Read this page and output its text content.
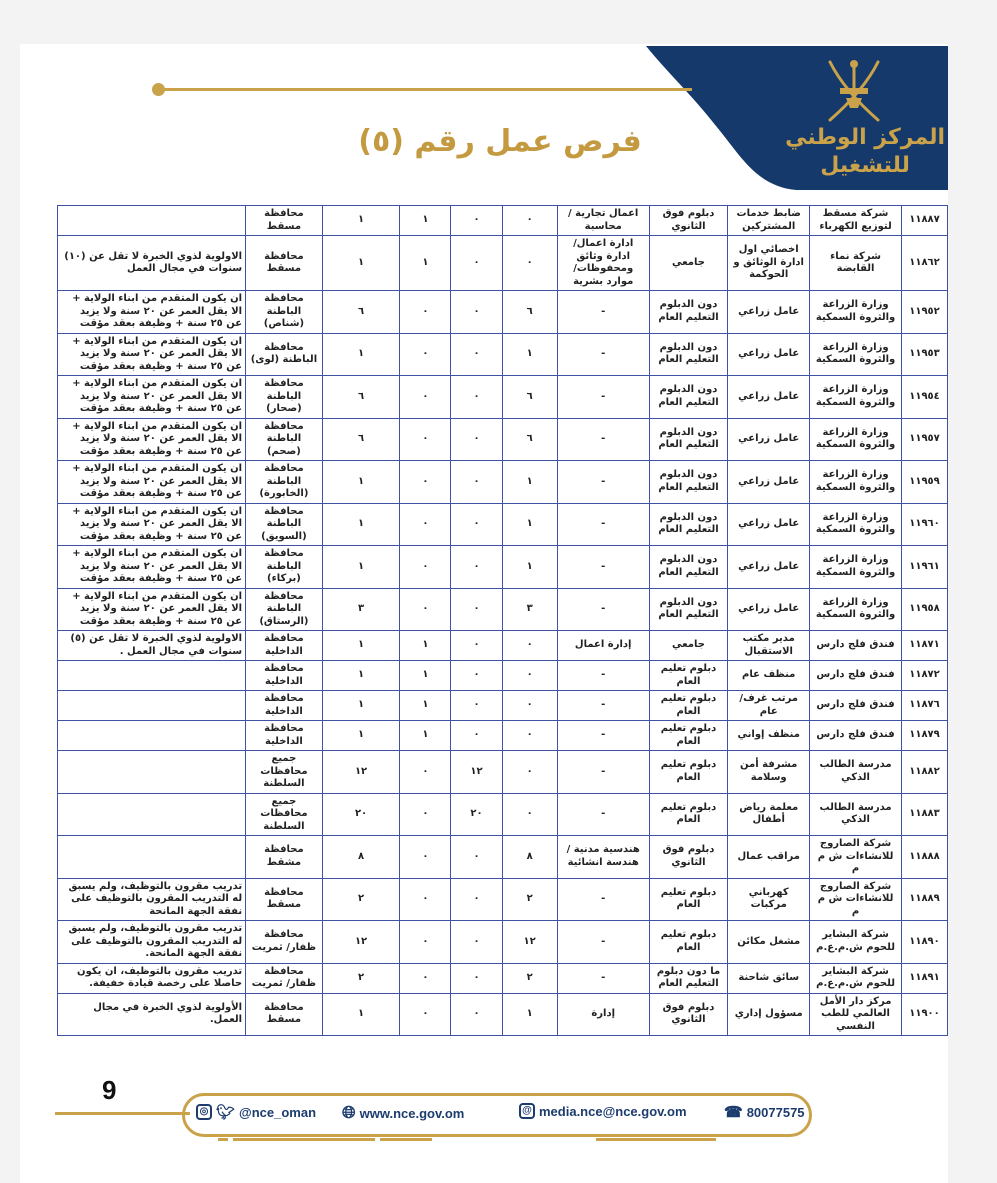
المركز الوطني
للتشغيل
فرص عمل رقم (٥)
١١٨٨٧	شركة مسقط لتوزيع الكهرباء	ضابط خدمات المشتركين	دبلوم فوق الثانوي	اعمال تجارية / محاسبة	٠	٠	١	١	محافظة مسقط	
١١٨٦٢	شركة نماء القابضة	اخصائي اول ادارة الوثائق و الحوكمة	جامعي	ادارة اعمال/ ادارة وثائق ومحفوظات/ موارد بشرية	٠	٠	١	١	محافظة مسقط	الاولوية لذوي الخبرة لا تقل عن (١٠) سنوات في مجال العمل
١١٩٥٢	وزارة الزراعة والثروة السمكية	عامل زراعي	دون الدبلوم التعليم العام	-	٦	٠	٠	٦	محافظة الباطنة (شناص)	ان يكون المتقدم من ابناء الولاية + الا يقل العمر عن ٢٠ سنة ولا يزيد عن ٢٥ سنة + وظيفة بعقد مؤقت
١١٩٥٣	وزارة الزراعة والثروة السمكية	عامل زراعي	دون الدبلوم التعليم العام	-	١	٠	٠	١	محافظة الباطنة (لوى)	ان يكون المتقدم من ابناء الولاية + الا يقل العمر عن ٢٠ سنة ولا يزيد عن ٢٥ سنة + وظيفة بعقد مؤقت
١١٩٥٤	وزارة الزراعة والثروة السمكية	عامل زراعي	دون الدبلوم التعليم العام	-	٦	٠	٠	٦	محافظة الباطنة (صحار)	ان يكون المتقدم من ابناء الولاية + الا يقل العمر عن ٢٠ سنة ولا يزيد عن ٢٥ سنة + وظيفة بعقد مؤقت
١١٩٥٧	وزارة الزراعة والثروة السمكية	عامل زراعي	دون الدبلوم التعليم العام	-	٦	٠	٠	٦	محافظة الباطنة (صحم)	ان يكون المتقدم من ابناء الولاية + الا يقل العمر عن ٢٠ سنة ولا يزيد عن ٢٥ سنة + وظيفة بعقد مؤقت
١١٩٥٩	وزارة الزراعة والثروة السمكية	عامل زراعي	دون الدبلوم التعليم العام	-	١	٠	٠	١	محافظة الباطنة (الخابورة)	ان يكون المتقدم من ابناء الولاية + الا يقل العمر عن ٢٠ سنة ولا يزيد عن ٢٥ سنة + وظيفة بعقد مؤقت
١١٩٦٠	وزارة الزراعة والثروة السمكية	عامل زراعي	دون الدبلوم التعليم العام	-	١	٠	٠	١	محافظة الباطنة (السويق)	ان يكون المتقدم من ابناء الولاية + الا يقل العمر عن ٢٠ سنة ولا يزيد عن ٢٥ سنة + وظيفة بعقد مؤقت
١١٩٦١	وزارة الزراعة والثروة السمكية	عامل زراعي	دون الدبلوم التعليم العام	-	١	٠	٠	١	محافظة الباطنة (بركاء)	ان يكون المتقدم من ابناء الولاية + الا يقل العمر عن ٢٠ سنة ولا يزيد عن ٢٥ سنة + وظيفة بعقد مؤقت
١١٩٥٨	وزارة الزراعة والثروة السمكية	عامل زراعي	دون الدبلوم التعليم العام	-	٣	٠	٠	٣	محافظة الباطنة (الرستاق)	ان يكون المتقدم من ابناء الولاية + الا يقل العمر عن ٢٠ سنة ولا يزيد عن ٢٥ سنة + وظيفة بعقد مؤقت
١١٨٧١	فندق فلج دارس	مدير مكتب الاستقبال	جامعي	إدارة اعمال	٠	٠	١	١	محافظة الداخلية	الاولوية لذوي الخبرة لا تقل عن (٥) سنوات في مجال العمل .
١١٨٧٢	فندق فلج دارس	منظف عام	دبلوم تعليم العام	-	٠	٠	١	١	محافظة الداخلية	
١١٨٧٦	فندق فلج دارس	مرتب غرف/عام	دبلوم تعليم العام	-	٠	٠	١	١	محافظة الداخلية	
١١٨٧٩	فندق فلج دارس	منظف إواني	دبلوم تعليم العام	-	٠	٠	١	١	محافظة الداخلية	
١١٨٨٢	مدرسة الطالب الذكي	مشرفة أمن وسلامة	دبلوم تعليم العام	-	٠	١٢	٠	١٢	جميع محافظات السلطنة	
١١٨٨٣	مدرسة الطالب الذكي	معلمة رياض أطفال	دبلوم تعليم العام	-	٠	٢٠	٠	٢٠	جميع محافظات السلطنة	
١١٨٨٨	شركة الصاروج للانشاءات ش م م	مراقب عمال	دبلوم فوق الثانوي	هندسية مدنية / هندسة انشائية	٨	٠	٠	٨	محافظة مشقط	
١١٨٨٩	شركة الصاروج للانشاءات ش م م	كهرباني مركبات	دبلوم تعليم العام	-	٢	٠	٠	٢	محافظة مسقط	تدريب مقرون بالتوظيف، ولم يسبق له التدريب المقرون بالتوظيف على نفقة الجهة المانحة
١١٨٩٠	شركة البشاير للحوم ش.م.ع.م	مشغل مكائن	دبلوم تعليم العام	-	١٢	٠	٠	١٢	محافظة ظفار/ ثمريت	تدريب مقرون بالتوظيف، ولم يسبق له التدريب المقرون بالتوظيف على نفقة الجهة المانحة.
١١٨٩١	شركة البشاير للحوم ش.م.ع.م	سائق شاحنة	ما دون دبلوم التعليم العام	-	٢	٠	٠	٢	محافظة ظفار/ ثمريت	تدريب مقرون بالتوظيف، ان يكون حاصلا على رخصة قيادة خفيفة.
١١٩٠٠	مركز دار الأمل العالمي للطب النفسي	مسؤول إداري	دبلوم فوق الثانوي	إدارة	١	٠	٠	١	محافظة مسقط	الأولوية لذوي الخبرة في مجال العمل.
9
◎ 🐦︎ @nce_oman 🌐︎ www.nce.gov.om	@ media.nce@nce.gov.om ☎︎ 80077575
